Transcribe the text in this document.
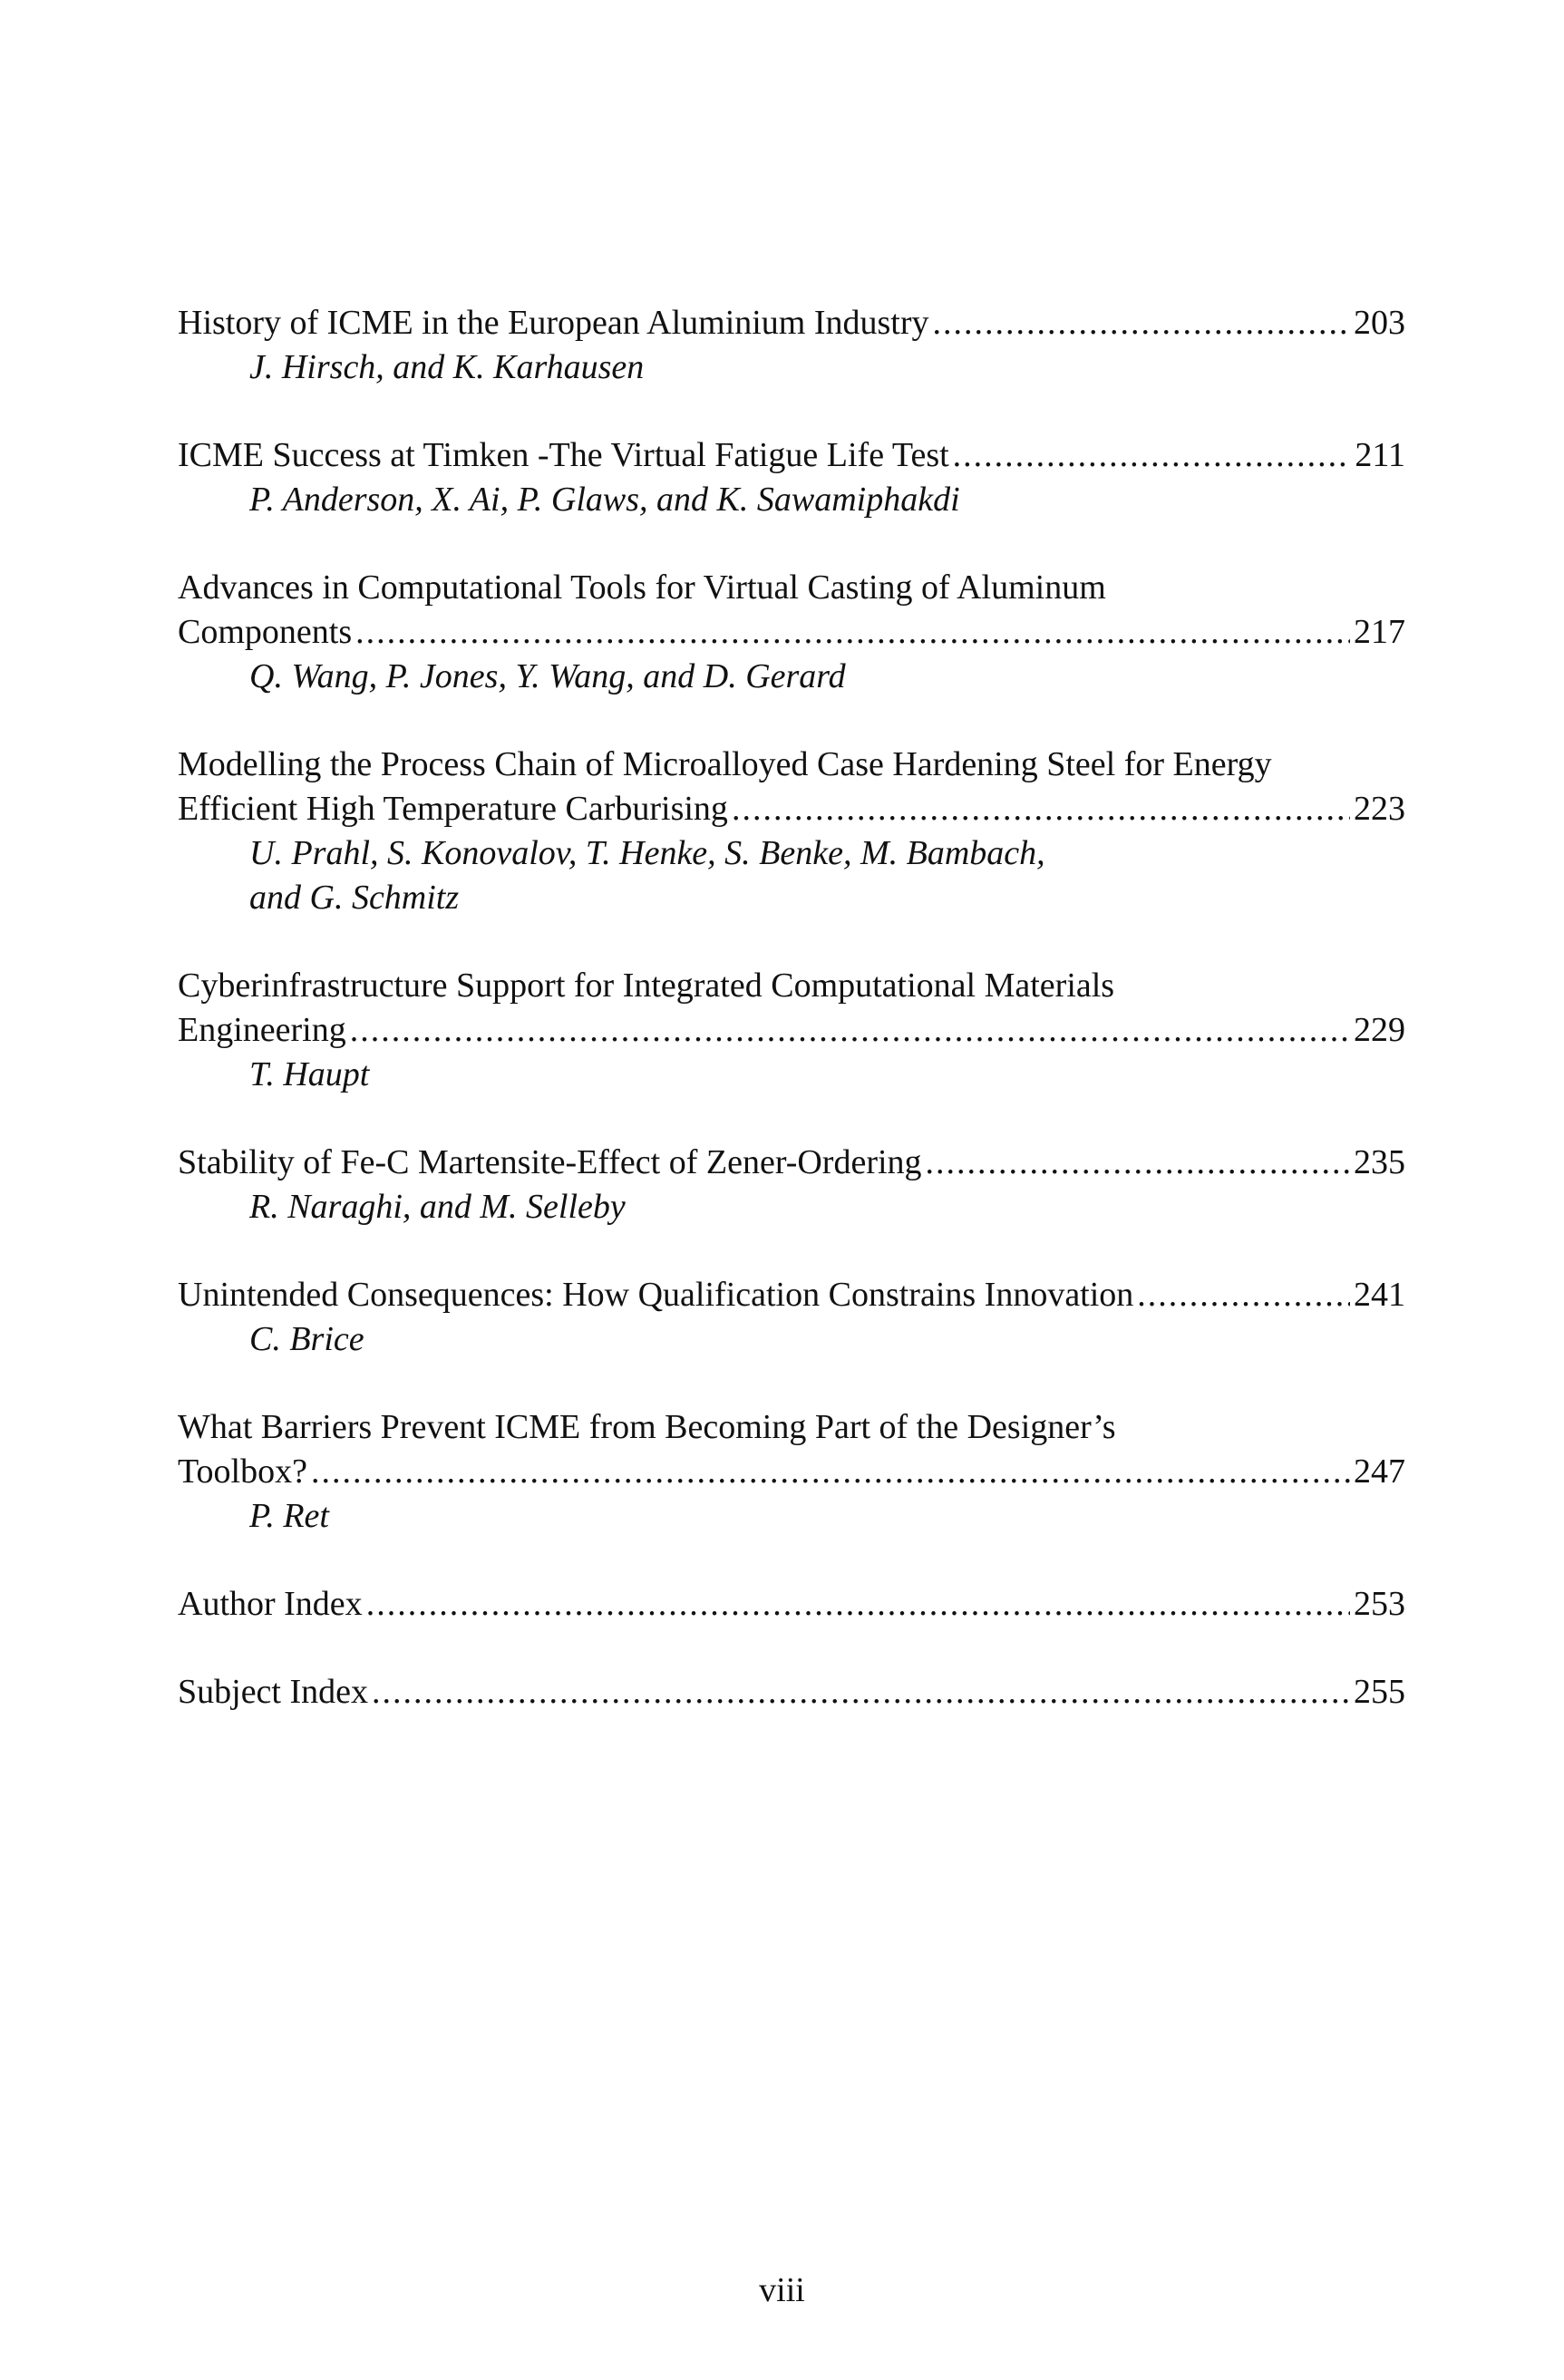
History of ICME in the European Aluminium Industry .....	203
J. Hirsch, and K. Karhausen
ICME Success at Timken -The Virtual Fatigue Life Test .....	211
P. Anderson, X. Ai, P. Glaws, and K. Sawamiphakdi
Advances in Computational Tools for Virtual Casting of Aluminum
Components .....	217
Q. Wang, P. Jones, Y. Wang, and D. Gerard
Modelling the Process Chain of Microalloyed Case Hardening Steel for Energy
Efficient High Temperature Carburising .....	223
U. Prahl, S. Konovalov, T. Henke, S. Benke, M. Bambach,
and G. Schmitz
Cyberinfrastructure Support for Integrated Computational Materials
Engineering .....	229
T. Haupt
Stability of Fe-C Martensite-Effect of Zener-Ordering .....	235
R. Naraghi, and M. Selleby
Unintended Consequences: How Qualification Constrains Innovation .....	241
C. Brice
What Barriers Prevent ICME from Becoming Part of the Designer’s
Toolbox? .....	247
P. Ret
Author Index .....	253
Subject Index .....	255
viii
